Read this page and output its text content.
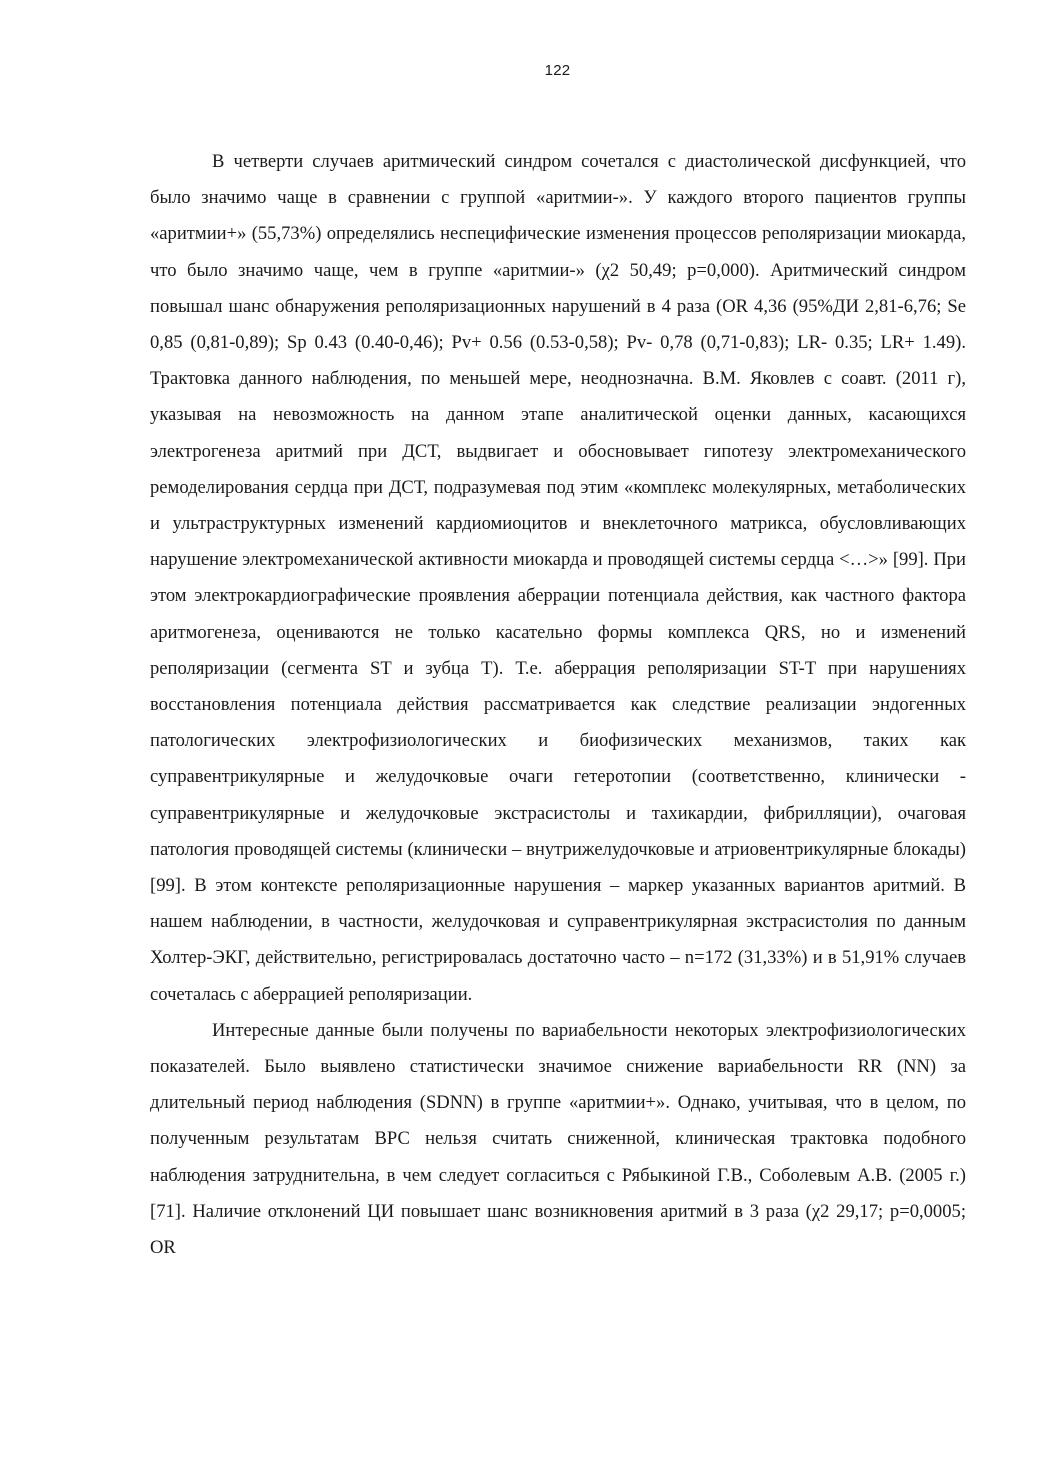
122

В четверти случаев аритмический синдром сочетался с диастолической дисфункцией, что было значимо чаще в сравнении с группой «аритмии-». У каждого второго пациентов группы «аритмии+» (55,73%) определялись неспецифические изменения процессов реполяризации миокарда, что было значимо чаще, чем в группе «аритмии-» (χ2 50,49; p=0,000). Аритмический синдром повышал шанс обнаружения реполяризационных нарушений в 4 раза (OR 4,36 (95%ДИ 2,81-6,76; Se 0,85 (0,81-0,89); Sp 0.43 (0.40-0,46); Pv+ 0.56 (0.53-0,58); Pv- 0,78 (0,71-0,83); LR- 0.35; LR+ 1.49). Трактовка данного наблюдения, по меньшей мере, неоднозначна. В.М. Яковлев с соавт. (2011 г), указывая на невозможность на данном этапе аналитической оценки данных, касающихся электрогенеза аритмий при ДСТ, выдвигает и обосновывает гипотезу электромеханического ремоделирования сердца при ДСТ, подразумевая под этим «комплекс молекулярных, метаболических и ультраструктурных изменений кардиомиоцитов и внеклеточного матрикса, обусловливающих нарушение электромеханической активности миокарда и проводящей системы сердца <…>» [99]. При этом электрокардиографические проявления аберрации потенциала действия, как частного фактора аритмогенеза, оцениваются не только касательно формы комплекса QRS, но и изменений реполяризации (сегмента ST и зубца T). Т.е. аберрация реполяризации ST-T при нарушениях восстановления потенциала действия рассматривается как следствие реализации эндогенных патологических электрофизиологических и биофизических механизмов, таких как суправентрикулярные и желудочковые очаги гетеротопии (соответственно, клинически - суправентрикулярные и желудочковые экстрасистолы и тахикардии, фибрилляции), очаговая патология проводящей системы (клинически – внутрижелудочковые и атриовентрикулярные блокады) [99]. В этом контексте реполяризационные нарушения – маркер указанных вариантов аритмий. В нашем наблюдении, в частности, желудочковая и суправентрикулярная экстрасистолия по данным Холтер-ЭКГ, действительно, регистрировалась достаточно часто – n=172 (31,33%) и в 51,91% случаев сочеталась с аберрацией реполяризации.

Интересные данные были получены по вариабельности некоторых электрофизиологических показателей. Было выявлено статистически значимое снижение вариабельности RR (NN) за длительный период наблюдения (SDNN) в группе «аритмии+». Однако, учитывая, что в целом, по полученным результатам ВРС нельзя считать сниженной, клиническая трактовка подобного наблюдения затруднительна, в чем следует согласиться с Рябыкиной Г.В., Соболевым А.В. (2005 г.) [71]. Наличие отклонений ЦИ повышает шанс возникновения аритмий в 3 раза (χ2 29,17; p=0,0005; OR
